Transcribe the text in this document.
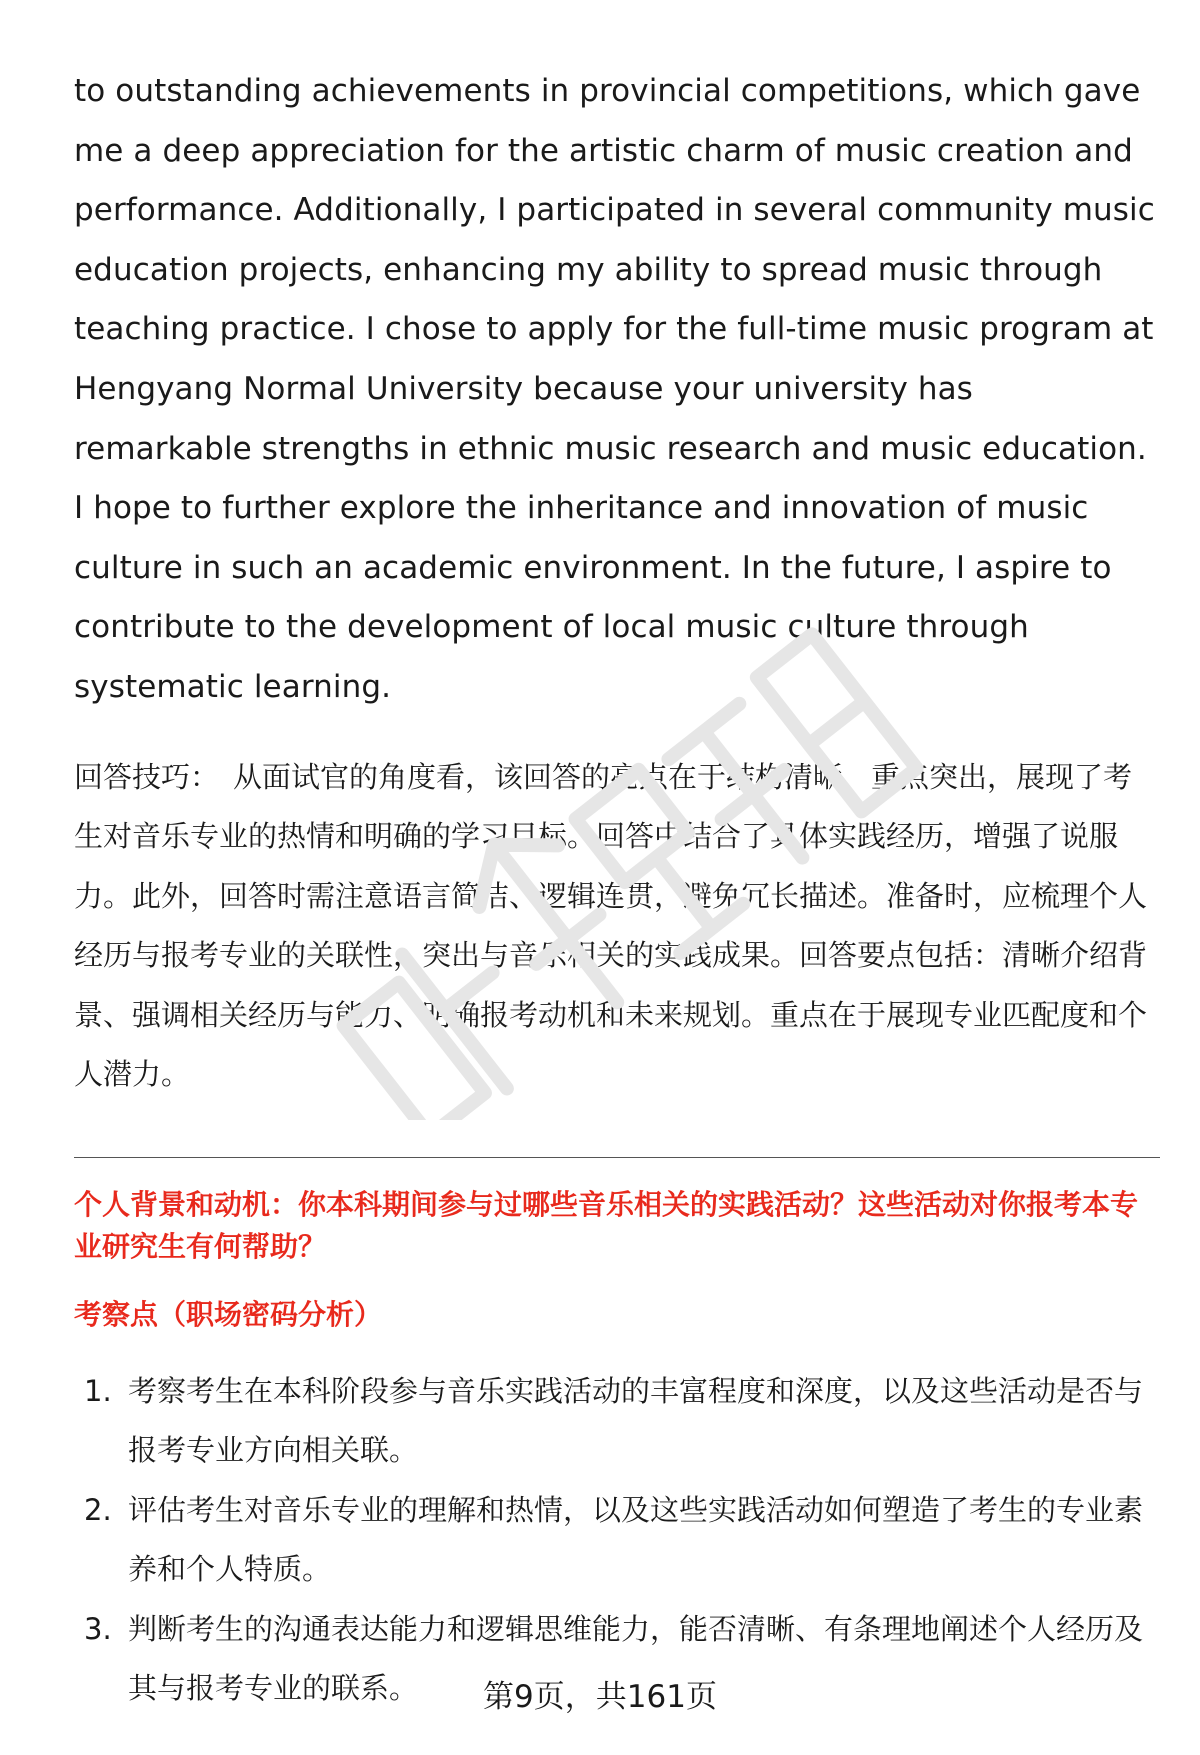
to outstanding achievements in provincial competitions, which gave me a deep appreciation for the artistic charm of music creation and performance. Additionally, I participated in several community music education projects, enhancing my ability to spread music through teaching practice. I chose to apply for the full-time music program at Hengyang Normal University because your university has remarkable strengths in ethnic music research and music education. I hope to further explore the inheritance and innovation of music culture in such an academic environment. In the future, I aspire to contribute to the development of local music culture through systematic learning.

回答技巧： 从面试官的角度看，该回答的亮点在于结构清晰、重点突出，展现了考生对音乐专业的热情和明确的学习目标。回答中结合了具体实践经历，增强了说服力。此外，回答时需注意语言简洁、逻辑连贯，避免冗长描述。准备时，应梳理个人经历与报考专业的关联性，突出与音乐相关的实践成果。回答要点包括：清晰介绍背景、强调相关经历与能力、明确报考动机和未来规划。重点在于展现专业匹配度和个人潜力。

个人背景和动机：你本科期间参与过哪些音乐相关的实践活动？这些活动对你报考本专业研究生有何帮助？
考察点（职场密码分析）
1. 考察考生在本科阶段参与音乐实践活动的丰富程度和深度，以及这些活动是否与报考专业方向相关联。
2. 评估考生对音乐专业的理解和热情，以及这些实践活动如何塑造了考生的专业素养和个人特质。
3. 判断考生的沟通表达能力和逻辑思维能力，能否清晰、有条理地阐述个人经历及其与报考专业的联系。	第9页，共161页
